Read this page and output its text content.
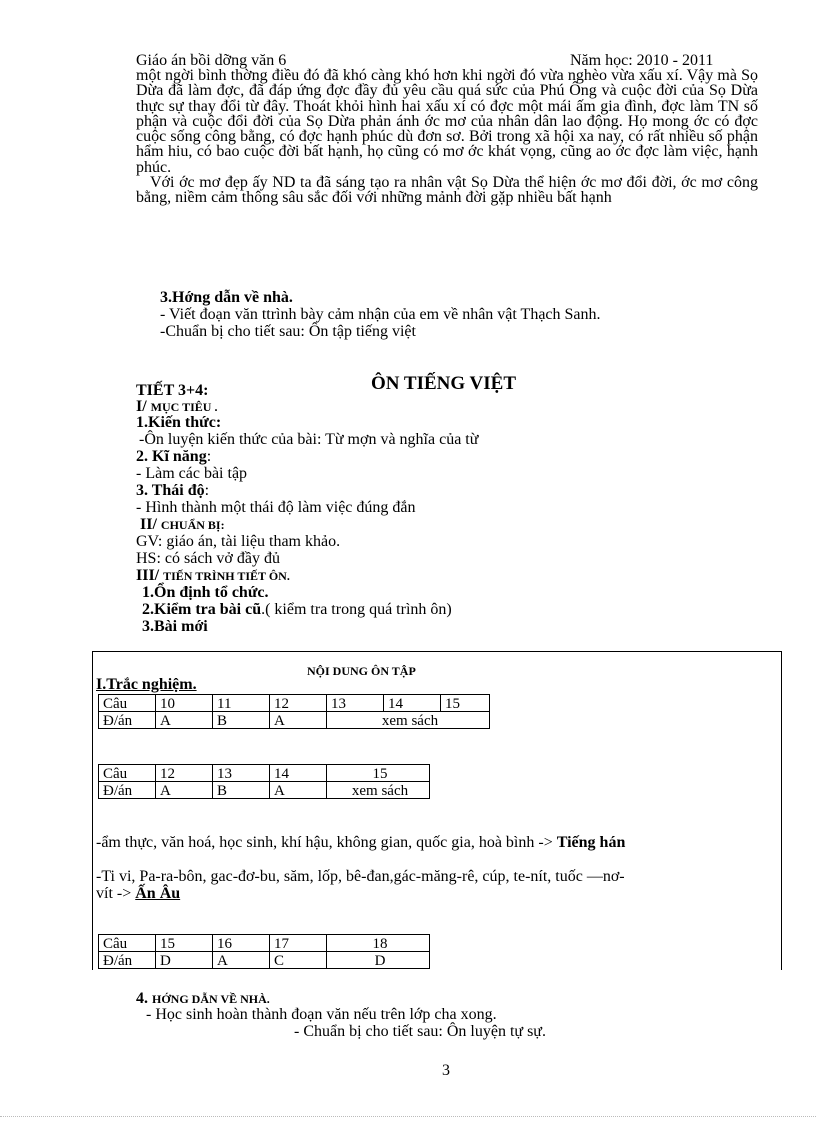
Giáo án bồi dỡng văn 6	Năm học: 2010 - 2011

một ngời bình thờng điều đó đã khó càng khó hơn khi ngời đó vừa nghèo vừa xấu xí. Vậy mà Sọ Dừa đã làm đợc, đã đáp ứng đợc đầy đủ yêu cầu quá sức của Phú Ông và cuộc đời của Sọ Dừa thực sự thay đổi từ đây. Thoát khỏi hình hai xấu xí có đợc một mái ấm gia đình, đợc làm TN số phận và cuộc đổi đời của Sọ Dừa phản ánh ớc mơ của nhân dân lao động. Họ mong ớc có đợc cuộc sống công bằng, có đợc hạnh phúc dù đơn sơ. Bởi trong xã hội xa nay, có rất nhiều số phận hẩm hiu, có bao cuộc đời bất hạnh, họ cũng có mơ ớc khát vọng, cũng ao ớc đợc làm việc, hạnh phúc.

Với ớc mơ đẹp ấy ND ta đã sáng tạo ra nhân vật Sọ Dừa thể hiện ớc mơ đổi đời, ớc mơ công bằng, niềm cảm thông sâu sắc đối với những mảnh đời gặp nhiều bất hạnh

3.Hớng dẫn về nhà.
- Viết đoạn văn ttrình bày cảm nhận của em về nhân vật Thạch Sanh.
-Chuẩn bị cho tiết sau: Ôn tập tiếng việt
TIẾT 3+4:	ÔN TIẾNG VIỆT
I/ MỤC TIÊU .
1.Kiến thức:
-Ôn luyện kiến thức của bài: Từ mợn và nghĩa của từ
2. Kĩ năng:
- Làm các bài tập
3. Thái độ:
- Hình thành một thái độ làm việc đúng đắn
II/ CHUẨN BỊ:
GV: giáo án, tài liệu tham khảo.
HS: có sách vở đầy đủ
III/ TIẾN TRÌNH TIẾT ÔN.
1.Ổn định tổ chức.
2.Kiểm tra bài cũ.( kiểm tra trong quá trình ôn)
3.Bài mới
NỘI DUNG ÔN TẬP
I.Trắc nghiệm.
Câu	10	11	12	13	14	15
Đ/án	A	B	A	xem sách		
Câu	12	13	14	15
Đ/án	A	B	A	xem sách
-ẩm thực, văn hoá, học sinh, khí hậu, không gian, quốc gia, hoà bình -> Tiếng hán
-Ti vi, Pa-ra-bôn, gac-đơ-bu, săm, lốp, bê-đan,gác-măng-rê, cúp, te-nít, tuốc —nơ-
vít -> Ấn Âu
Câu	15	16	17	18
Đ/án	D	A	C	D
4. HỚNG DẪN VỀ NHÀ.
- Học sinh hoàn thành đoạn văn nếu trên lớp cha xong.
- Chuẩn bị cho tiết sau: Ôn luyện tự sự.
3
